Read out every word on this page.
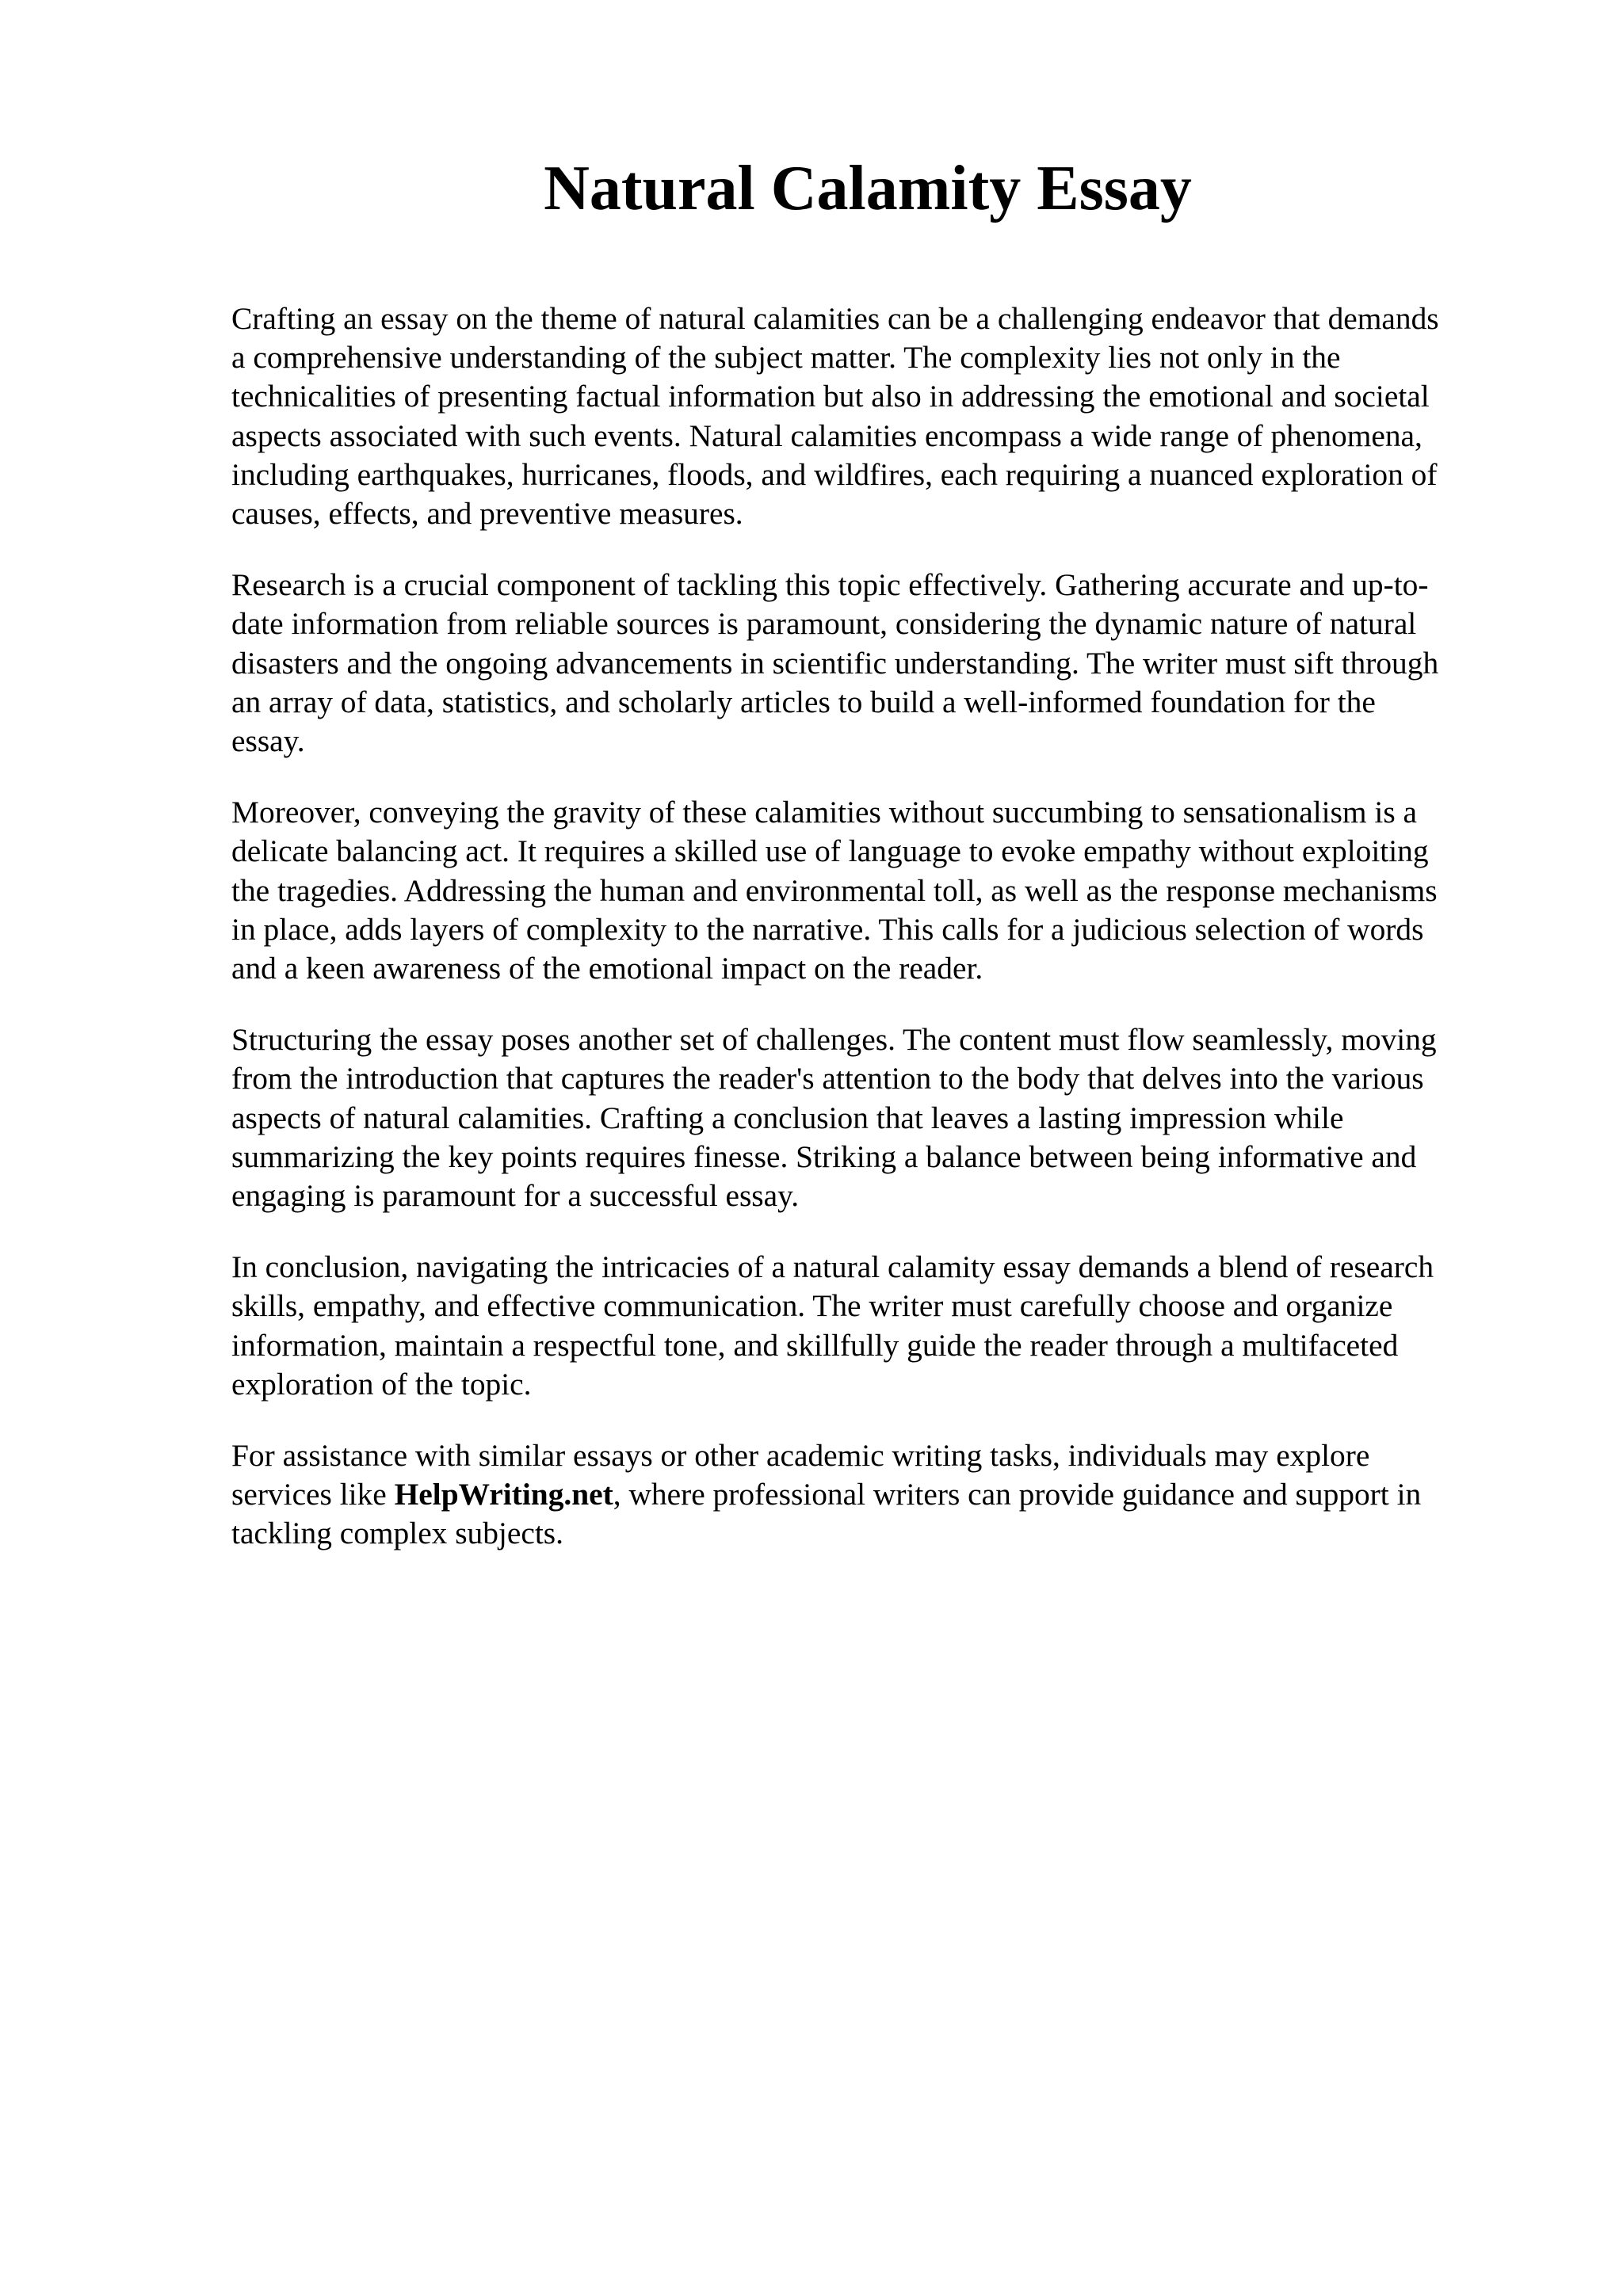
Natural Calamity Essay

Crafting an essay on the theme of natural calamities can be a challenging endeavor that demands
a comprehensive understanding of the subject matter. The complexity lies not only in the
technicalities of presenting factual information but also in addressing the emotional and societal
aspects associated with such events. Natural calamities encompass a wide range of phenomena,
including earthquakes, hurricanes, floods, and wildfires, each requiring a nuanced exploration of
causes, effects, and preventive measures.

Research is a crucial component of tackling this topic effectively. Gathering accurate and up-to-
date information from reliable sources is paramount, considering the dynamic nature of natural
disasters and the ongoing advancements in scientific understanding. The writer must sift through
an array of data, statistics, and scholarly articles to build a well-informed foundation for the
essay.

Moreover, conveying the gravity of these calamities without succumbing to sensationalism is a
delicate balancing act. It requires a skilled use of language to evoke empathy without exploiting
the tragedies. Addressing the human and environmental toll, as well as the response mechanisms
in place, adds layers of complexity to the narrative. This calls for a judicious selection of words
and a keen awareness of the emotional impact on the reader.

Structuring the essay poses another set of challenges. The content must flow seamlessly, moving
from the introduction that captures the reader's attention to the body that delves into the various
aspects of natural calamities. Crafting a conclusion that leaves a lasting impression while
summarizing the key points requires finesse. Striking a balance between being informative and
engaging is paramount for a successful essay.

In conclusion, navigating the intricacies of a natural calamity essay demands a blend of research
skills, empathy, and effective communication. The writer must carefully choose and organize
information, maintain a respectful tone, and skillfully guide the reader through a multifaceted
exploration of the topic.

For assistance with similar essays or other academic writing tasks, individuals may explore
services like HelpWriting.net, where professional writers can provide guidance and support in
tackling complex subjects.
